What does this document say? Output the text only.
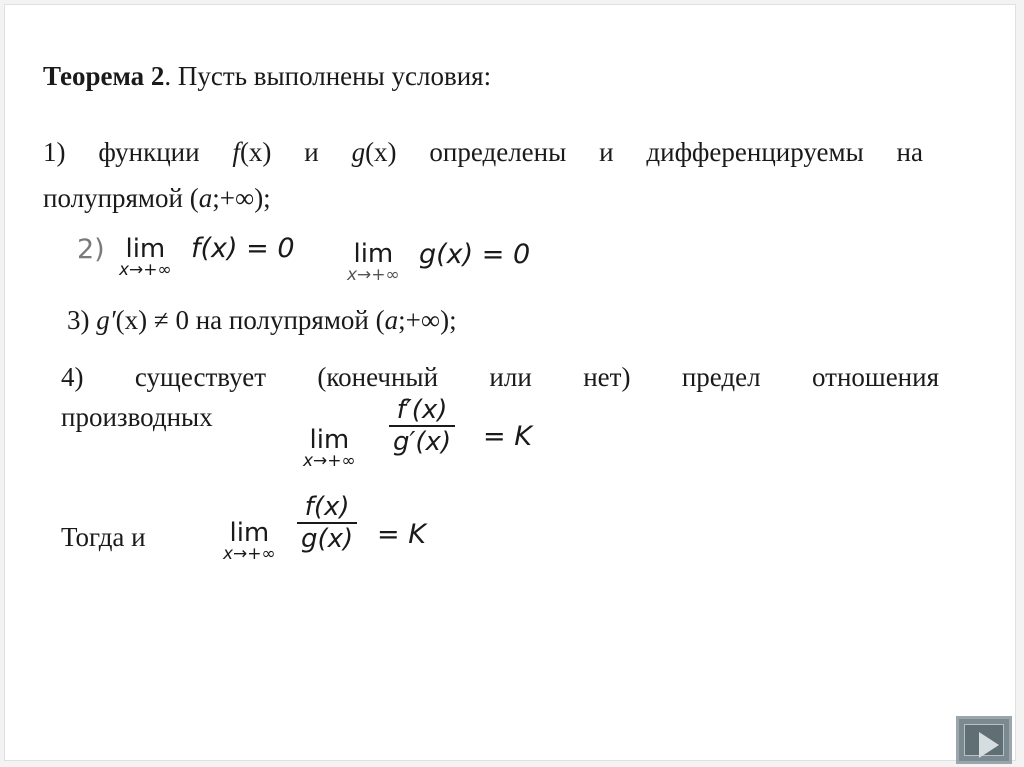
Теорема 2. Пусть выполнены условия:
1) функции f(x) и g(x) определены и дифференцируемы на
полупрямой (a;+∞);
2) lim
x→+∞
f(x) = 0 lim
x→+∞
g(x) = 0
3) g′(x) ≠ 0 на полупрямой (a;+∞);
4) существует (конечный или нет) предел отношения
производных
lim
x→+∞
$\frac{f'(x)}{g'(x)} = K$
Тогда и	lim
$x\to+\infty \frac{f(x)}{g(x)} = K$
